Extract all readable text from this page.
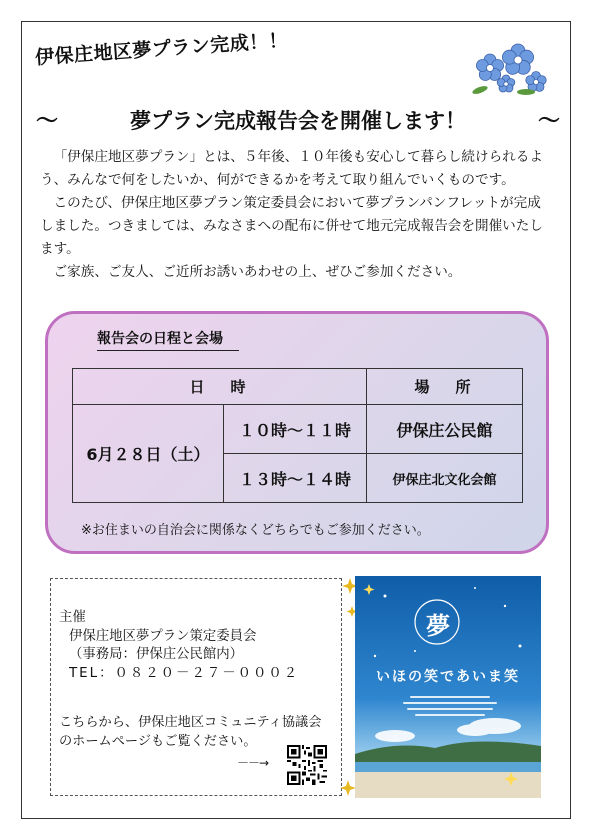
伊保庄地区夢プラン完成！！
～	夢プラン完成報告会を開催します！	～

「伊保庄地区夢プラン」とは、５年後、１０年後も安心して暮らし続けられるよう、みんなで何をしたいか、何ができるかを考えて取り組んでいくものです。

このたび、伊保庄地区夢プラン策定委員会において夢プランパンフレットが完成しました。つきましては、みなさまへの配布に併せて地元完成報告会を開催いたします。

ご家族、ご友人、ご近所お誘いあわせの上、ぜひご参加ください。

報告会の日程と会場
日時		場所
6月２８日（土）	１０時～１１時	伊保庄公民館
	１３時～１４時	伊保庄北文化会館
※お住まいの自治会に関係なくどちらでもご参加ください。
主催
伊保庄地区夢プラン策定委員会
（事務局：伊保庄公民館内）
TEL：０８２０－２７－０００２
こちらから、伊保庄地区コミュニティ協議会
のホームページもご覧ください。
－－→
夢
いほの笑であいま笑
